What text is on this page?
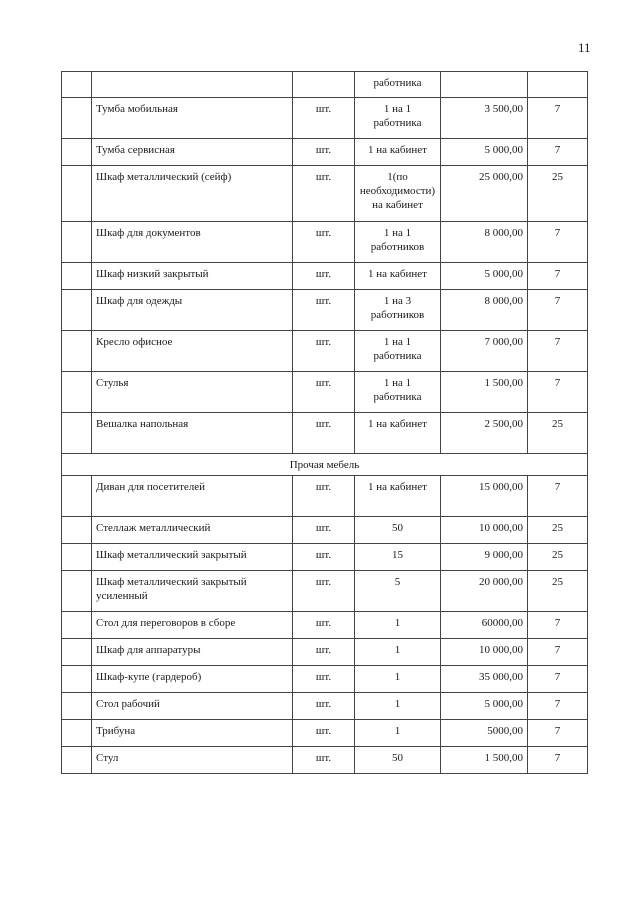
11
			работника		
	Тумба мобильная	шт.	1 на 1 работника	3 500,00	7
	Тумба сервисная	шт.	1 на кабинет	5 000,00	7
	Шкаф металлический (сейф)	шт.	1(по необходимости) на кабинет	25 000,00	25
	Шкаф для документов	шт.	1 на 1 работников	8 000,00	7
	Шкаф низкий закрытый	шт.	1 на кабинет	5 000,00	7
	Шкаф для одежды	шт.	1 на 3 работников	8 000,00	7
	Кресло офисное	шт.	1 на 1 работника	7 000,00	7
	Стулья	шт.	1 на 1 работника	1 500,00	7
	Вешалка напольная	шт.	1 на кабинет	2 500,00	25
Прочая мебель					
	Диван для посетителей	шт.	1 на кабинет	15 000,00	7
	Стеллаж металлический	шт.	50	10 000,00	25
	Шкаф металлический закрытый	шт.	15	9 000,00	25
	Шкаф металлический закрытый усиленный	шт.	5	20 000,00	25
	Стол для переговоров в сборе	шт.	1	60000,00	7
	Шкаф для аппаратуры	шт.	1	10 000,00	7
	Шкаф-купе (гардероб)	шт.	1	35 000,00	7
	Стол рабочий	шт.	1	5 000,00	7
	Трибуна	шт.	1	5000,00	7
	Стул	шт.	50	1 500,00	7
